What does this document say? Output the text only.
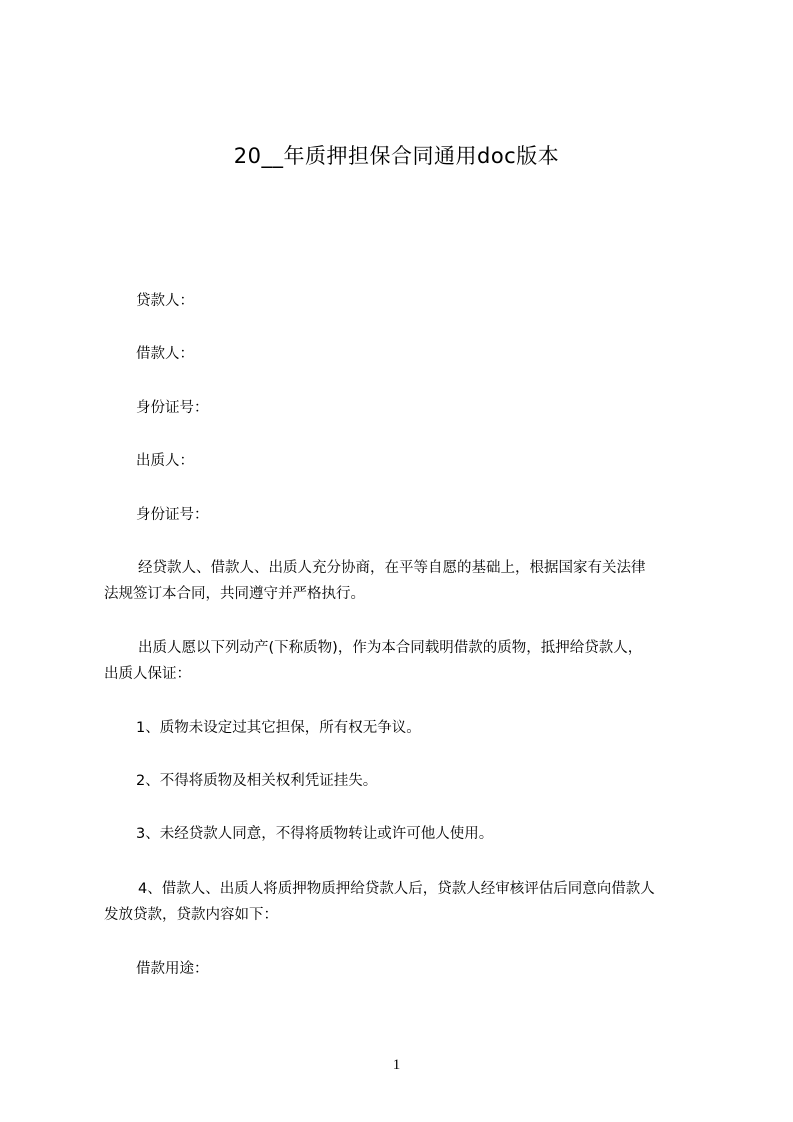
20__年质押担保合同通用doc版本
贷款人：
借款人：
身份证号：
出质人：
身份证号：
经贷款人、借款人、出质人充分协商，在平等自愿的基础上，根据国家有关法律
法规签订本合同，共同遵守并严格执行。
出质人愿以下列动产(下称质物)，作为本合同载明借款的质物，抵押给贷款人，
出质人保证：
1、质物未设定过其它担保，所有权无争议。
2、不得将质物及相关权利凭证挂失。
3、未经贷款人同意，不得将质物转让或许可他人使用。
4、借款人、出质人将质押物质押给贷款人后，贷款人经审核评估后同意向借款人
发放贷款，贷款内容如下：
借款用途：
1
